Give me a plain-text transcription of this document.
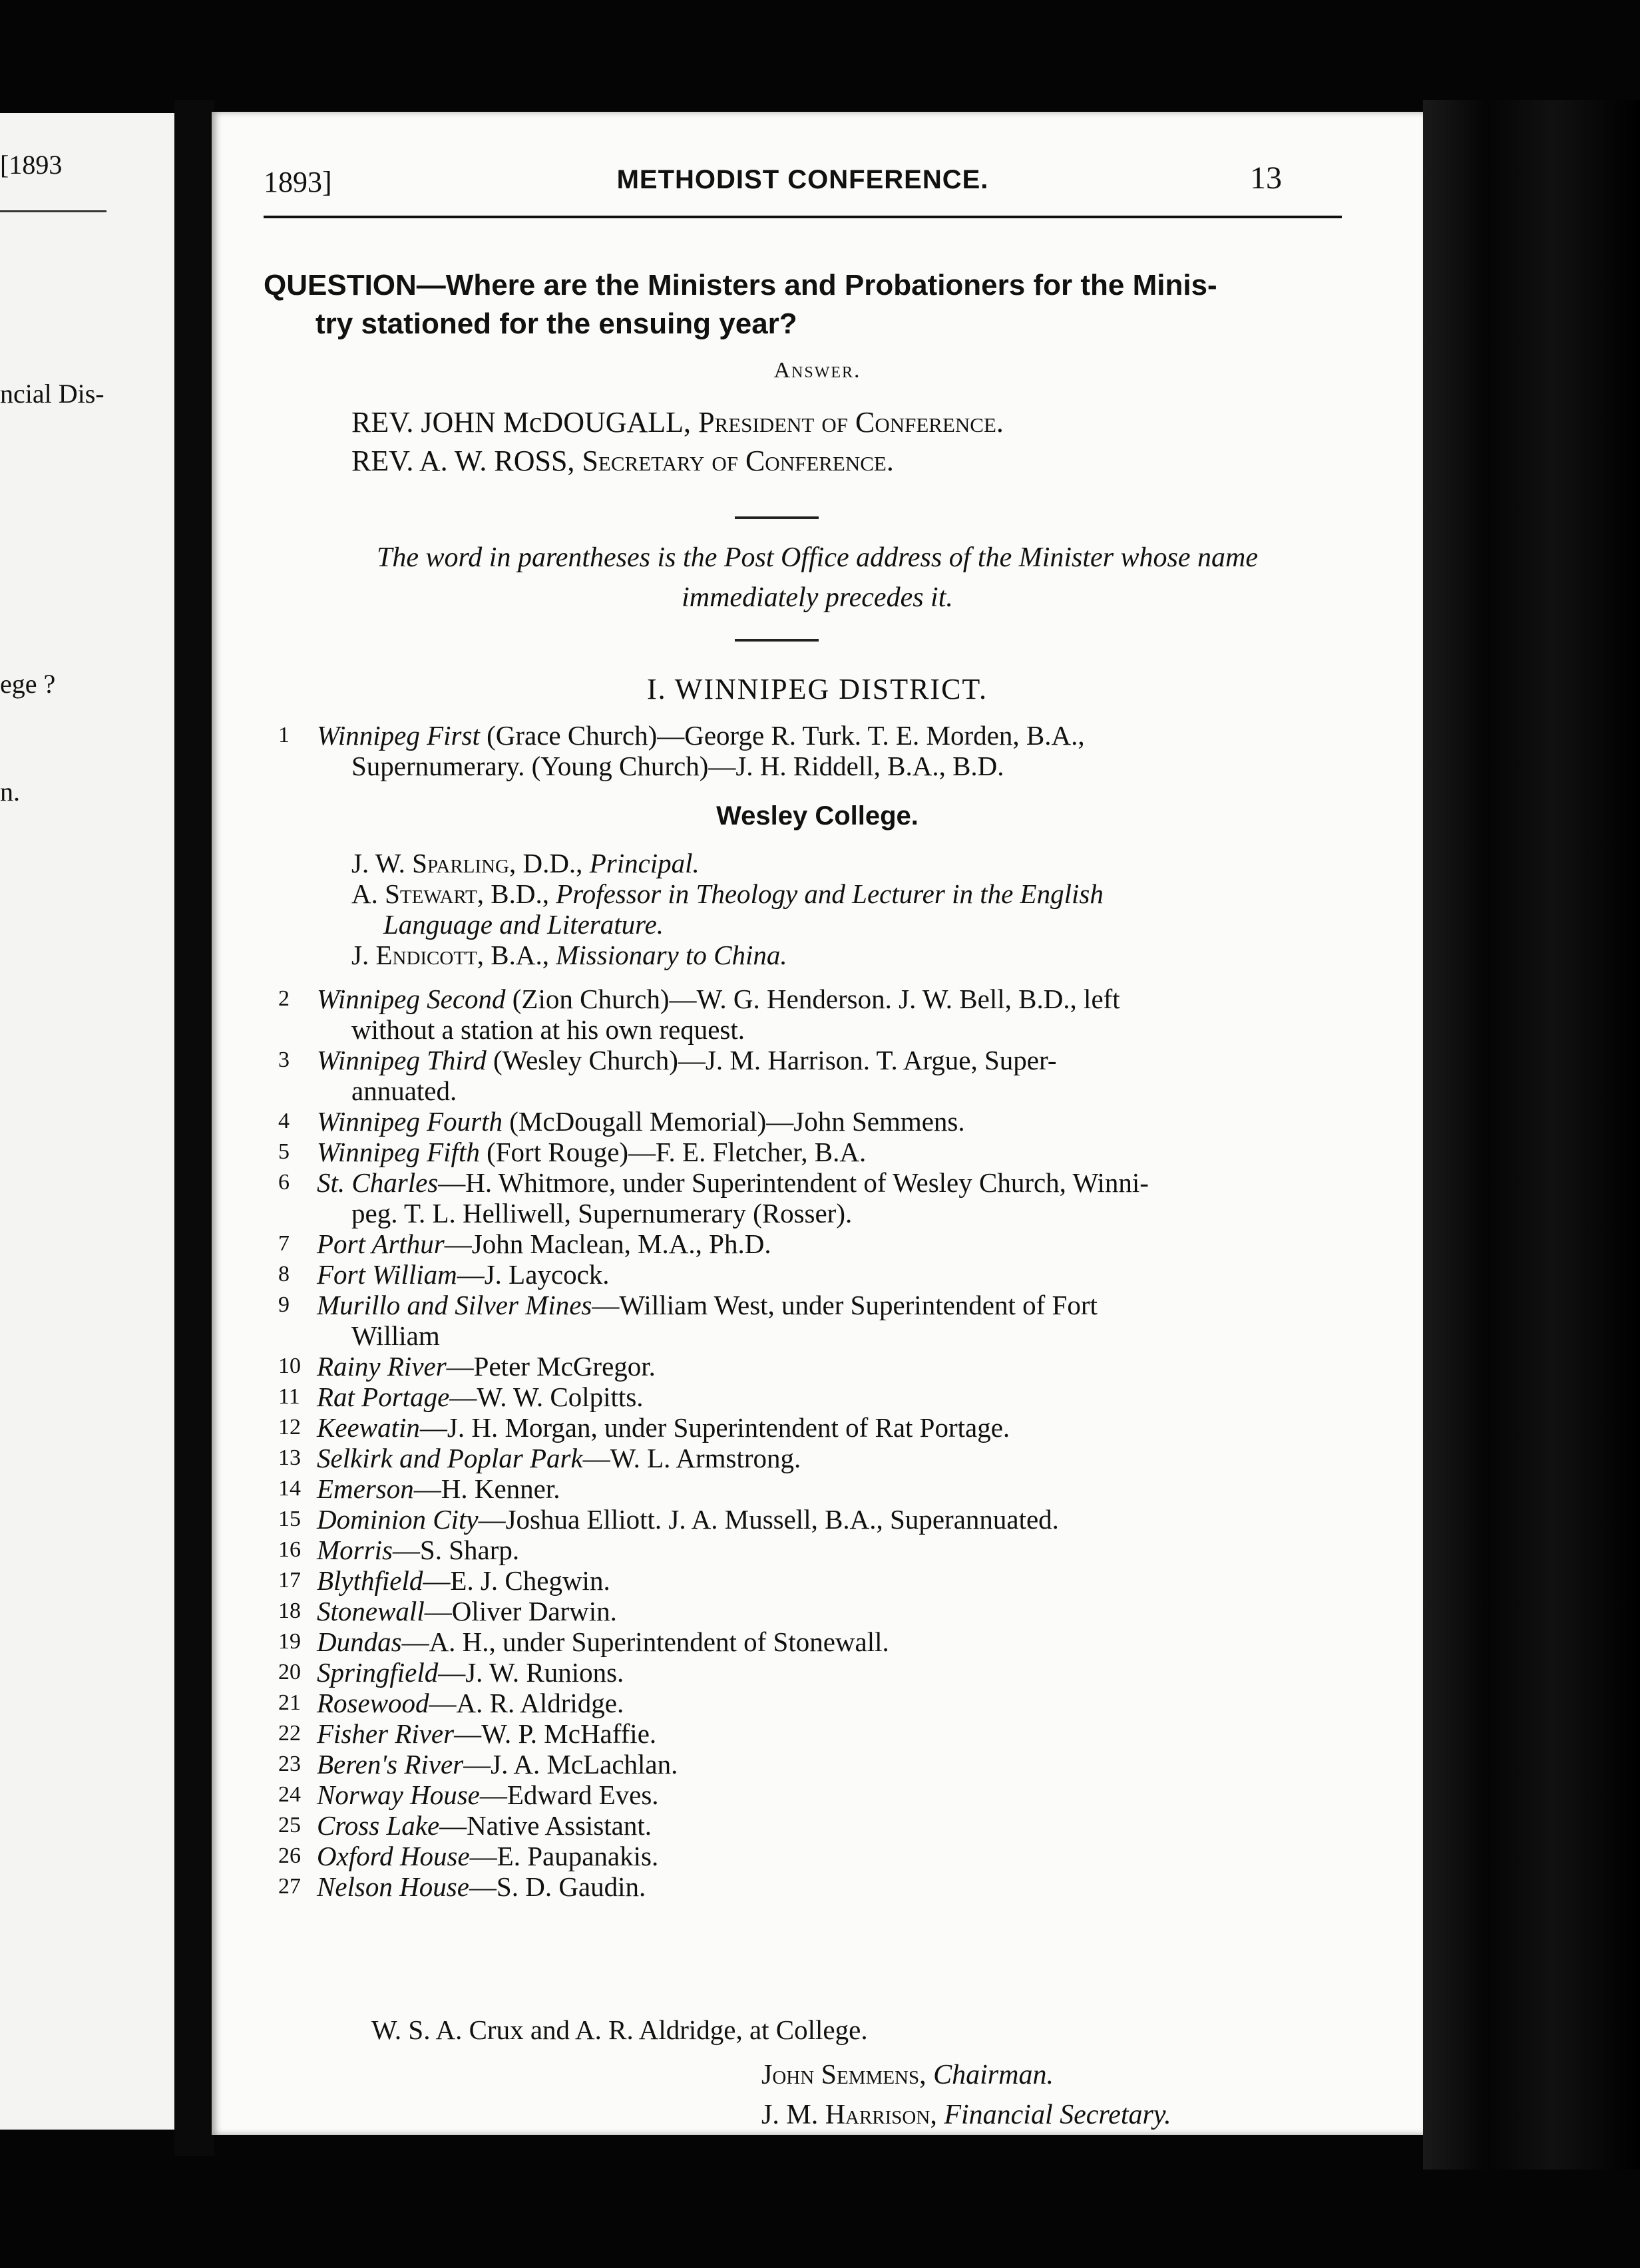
[1893
ncial Dis-
ege ?
n.
1893]	METHODIST CONFERENCE.	13
QUESTION—Where are the Ministers and Probationers for the Minis-
try stationed for the ensuing year?
Answer.
REV. JOHN McDOUGALL, President of Conference.
REV. A. W. ROSS, Secretary of Conference.
The word in parentheses is the Post Office address of the Minister whose name
immediately precedes it.
I. WINNIPEG DISTRICT.
1	Winnipeg First (Grace Church)—George R. Turk. T. E. Morden, B.A.,
Supernumerary. (Young Church)—J. H. Riddell, B.A., B.D.
Wesley College.
J. W. Sparling, D.D., Principal.
A. Stewart, B.D., Professor in Theology and Lecturer in the English
Language and Literature.
J. Endicott, B.A., Missionary to China.
2	Winnipeg Second (Zion Church)—W. G. Henderson. J. W. Bell, B.D., left
without a station at his own request.
3	Winnipeg Third (Wesley Church)—J. M. Harrison. T. Argue, Super-
annuated.
4	Winnipeg Fourth (McDougall Memorial)—John Semmens.
5	Winnipeg Fifth (Fort Rouge)—F. E. Fletcher, B.A.
6	St. Charles—H. Whitmore, under Superintendent of Wesley Church, Winni-
peg. T. L. Helliwell, Supernumerary (Rosser).
7	Port Arthur—John Maclean, M.A., Ph.D.
8	Fort William—J. Laycock.
9	Murillo and Silver Mines—William West, under Superintendent of Fort
William
10 Rainy River—Peter McGregor.
11 Rat Portage—W. W. Colpitts.
12 Keewatin—J. H. Morgan, under Superintendent of Rat Portage.
13 Selkirk and Poplar Park—W. L. Armstrong.
14 Emerson—H. Kenner.
15 Dominion City—Joshua Elliott. J. A. Mussell, B.A., Superannuated.
16 Morris—S. Sharp.
17 Blythfield—E. J. Chegwin.
18 Stonewall—Oliver Darwin.
19 Dundas—A. H., under Superintendent of Stonewall.
20 Springfield—J. W. Runions.
21 Rosewood—A. R. Aldridge.
22 Fisher River—W. P. McHaffie.
23 Beren's River—J. A. McLachlan.
24 Norway House—Edward Eves.
25 Cross Lake—Native Assistant.
26 Oxford House—E. Paupanakis.
27 Nelson House—S. D. Gaudin.
W. S. A. Crux and A. R. Aldridge, at College.
John Semmens, Chairman.
J. M. Harrison, Financial Secretary.
